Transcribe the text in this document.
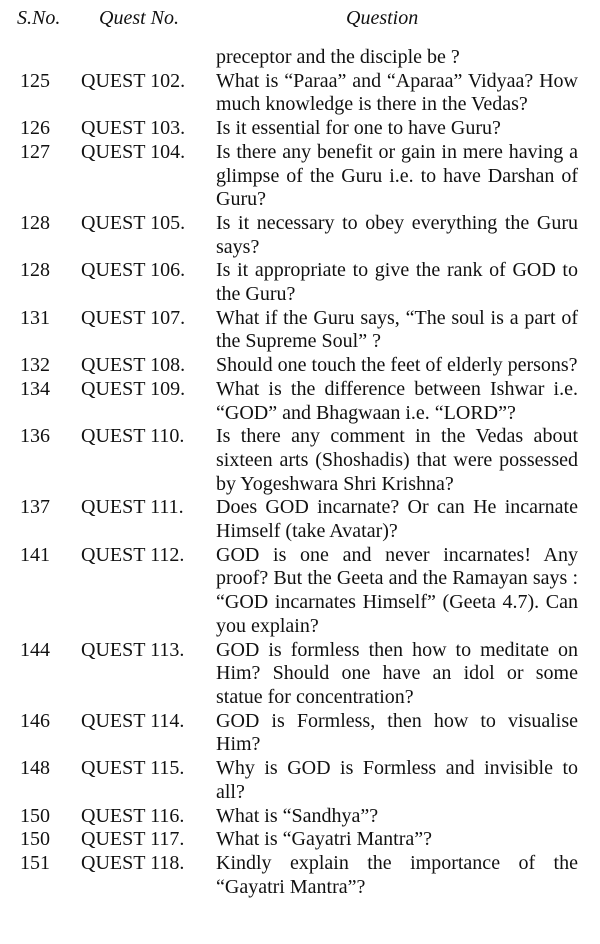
S.No. Quest No.	Question
preceptor and the disciple be ?
125 QUEST 102. What is “Paraa” and “Aparaa” Vidyaa? How much knowledge is there in the Vedas?
126 QUEST 103. Is it essential for one to have Guru?
127 QUEST 104. Is there any benefit or gain in mere having a glimpse of the Guru i.e. to have Darshan of Guru?
128 QUEST 105. Is it necessary to obey everything the Guru says?
128 QUEST 106. Is it appropriate to give the rank of GOD to the Guru?
131 QUEST 107. What if the Guru says, “The soul is a part of the Supreme Soul” ?
132 QUEST 108. Should one touch the feet of elderly persons?
134 QUEST 109. What is the difference between Ishwar i.e. “GOD” and Bhagwaan i.e. “LORD”?
136 QUEST 110. Is there any comment in the Vedas about sixteen arts (Shoshadis) that were possessed by Yogeshwara Shri Krishna?
137 QUEST 111. Does GOD incarnate? Or can He incarnate Himself (take Avatar)?
141 QUEST 112. GOD is one and never incarnates! Any proof? But the Geeta and the Ramayan says : “GOD incarnates Himself” (Geeta 4.7). Can you explain?
144 QUEST 113. GOD is formless then how to meditate on Him? Should one have an idol or some statue for concentration?
146 QUEST 114. GOD is Formless, then how to visualise Him?
148 QUEST 115. Why is GOD is Formless and invisible to all?
150 QUEST 116. What is “Sandhya”?
150 QUEST 117. What is “Gayatri Mantra”?
151 QUEST 118. Kindly explain the importance of the “Gayatri Mantra”?
